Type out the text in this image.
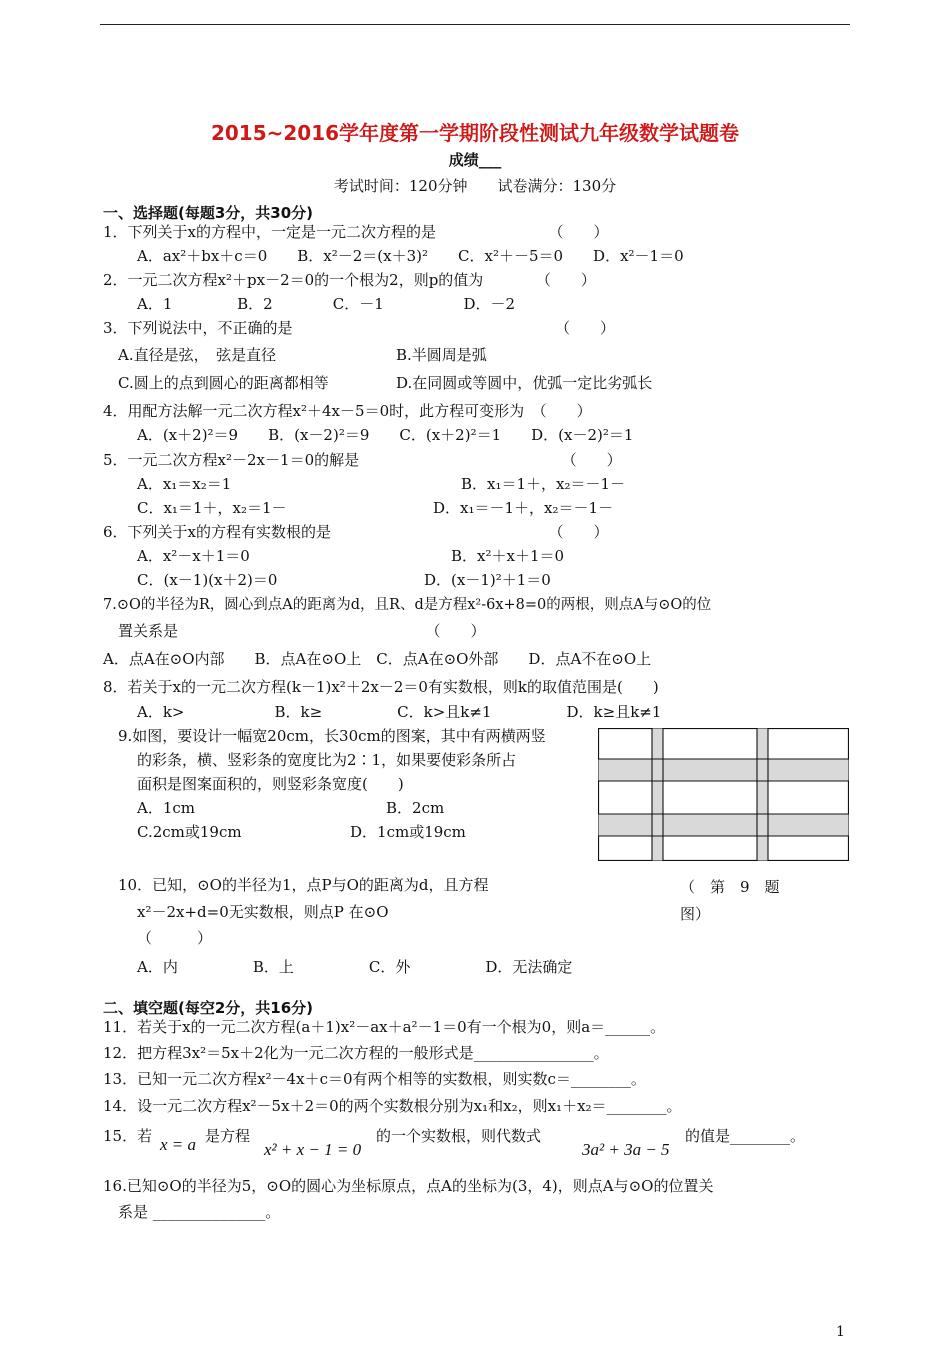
2015~2016学年度第一学期阶段性测试九年级数学试题卷
成绩___
考试时间：120分钟　　试卷满分：130分
一、选择题(每题3分，共30分)
1．下列关于x的方程中，一定是一元二次方程的是　　　　　　　　（　　）
A．ax²＋bx＋c＝0　　B．x²－2＝(x＋3)²　　C．x²＋－5＝0　　D．x²－1＝0
2．一元二次方程x²＋px－2＝0的一个根为2，则p的值为　　　　（　　）
A．1　　　　 B．2　　　　C．－1　　　　　 D．－2
3．下列说法中，不正确的是　　　　　　　　　　　　　　　　　　（　　）
A.直径是弦，　弦是直径	B.半圆周是弧
C.圆上的点到圆心的距离都相等	D.在同圆或等圆中，优弧一定比劣弧长
4．用配方法解一元二次方程x²＋4x－5＝0时，此方程可变形为　（　　）
A．(x＋2)²＝9　　B．(x－2)²＝9　　C．(x＋2)²＝1　　D．(x－2)²＝1
5．一元二次方程x²－2x－1＝0的解是　　　　　　　　　　　　　　（　　）
A．x₁＝x₂＝1	B．x₁＝1＋，x₂＝－1－
C．x₁＝1＋，x₂＝1－	D．x₁＝－1＋，x₂＝－1－
6．下列关于x的方程有实数根的是　　　　　　　　　　　　　　　（　　）
A．x²－x＋1＝0	B．x²＋x＋1＝0
C．(x－1)(x＋2)＝0	D．(x－1)²＋1＝0
7.⊙O的半径为R，圆心到点A的距离为d，且R、d是方程x²-6x+8=0的两根，则点A与⊙O的位
置关系是　　　　　　　　　　　　　　　　　（　　）
A．点A在⊙O内部　　B．点A在⊙O上　C．点A在⊙O外部　　D．点A不在⊙O上
8．若关于x的一元二次方程(k－1)x²＋2x－2＝0有实数根，则k的取值范围是(　　)
A．k>　　　　　　B．k≥　　　　　C．k>且k≠1　　　　　D．k≥且k≠1
9.如图，要设计一幅宽20cm，长30cm的图案，其中有两横两竖
的彩条，横、竖彩条的宽度比为2∶1，如果要使彩条所占
面积是图案面积的，则竖彩条宽度(　　)
A．1cm	B．2cm
C.2cm或19cm	D．1cm或19cm
（　第　9　题
图）
10．已知，⊙O的半径为1，点P与O的距离为d，且方程
x²－2x+d=0无实数根，则点P 在⊙O
（　　　）
A．内　　　　　B．上　　　　　C．外　　　　　D．无法确定
二、填空题(每空2分，共16分)
11．若关于x的一元二次方程(a＋1)x²－ax＋a²－1＝0有一个根为0，则a＝______。
12．把方程3x²＝5x＋2化为一元二次方程的一般形式是________________。
13．已知一元二次方程x²－4x＋c＝0有两个相等的实数根，则实数c＝________。
14．设一元二次方程x²－5x＋2＝0的两个实数根分别为x₁和x₂，则x₁＋x₂＝________。
15．若 x = a 是方程
x² + x − 1 = 0
的一个实数根，则代数式
3a² + 3a − 5
的值是________。
16.已知⊙O的半径为5，⊙O的圆心为坐标原点，点A的坐标为(3，4)，则点A与⊙O的位置关
系是 _______________。
1
